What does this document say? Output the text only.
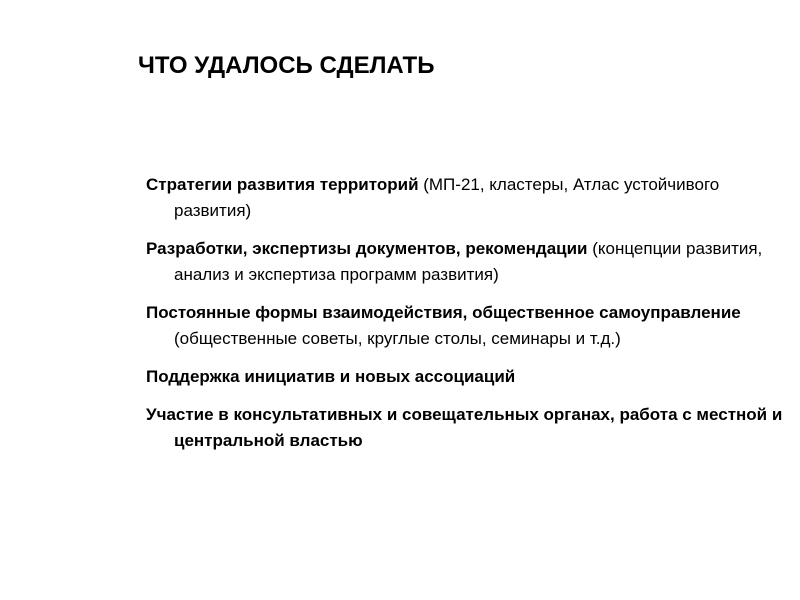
ЧТО УДАЛОСЬ СДЕЛАТЬ
Стратегии развития территорий (МП-21, кластеры, Атлас устойчивого развития)
Разработки, экспертизы документов, рекомендации (концепции развития, анализ и экспертиза программ развития)
Постоянные формы взаимодействия, общественное самоуправление (общественные советы, круглые столы, семинары и т.д.)
Поддержка инициатив и новых ассоциаций
Участие в консультативных и совещательных органах, работа с местной и центральной властью
